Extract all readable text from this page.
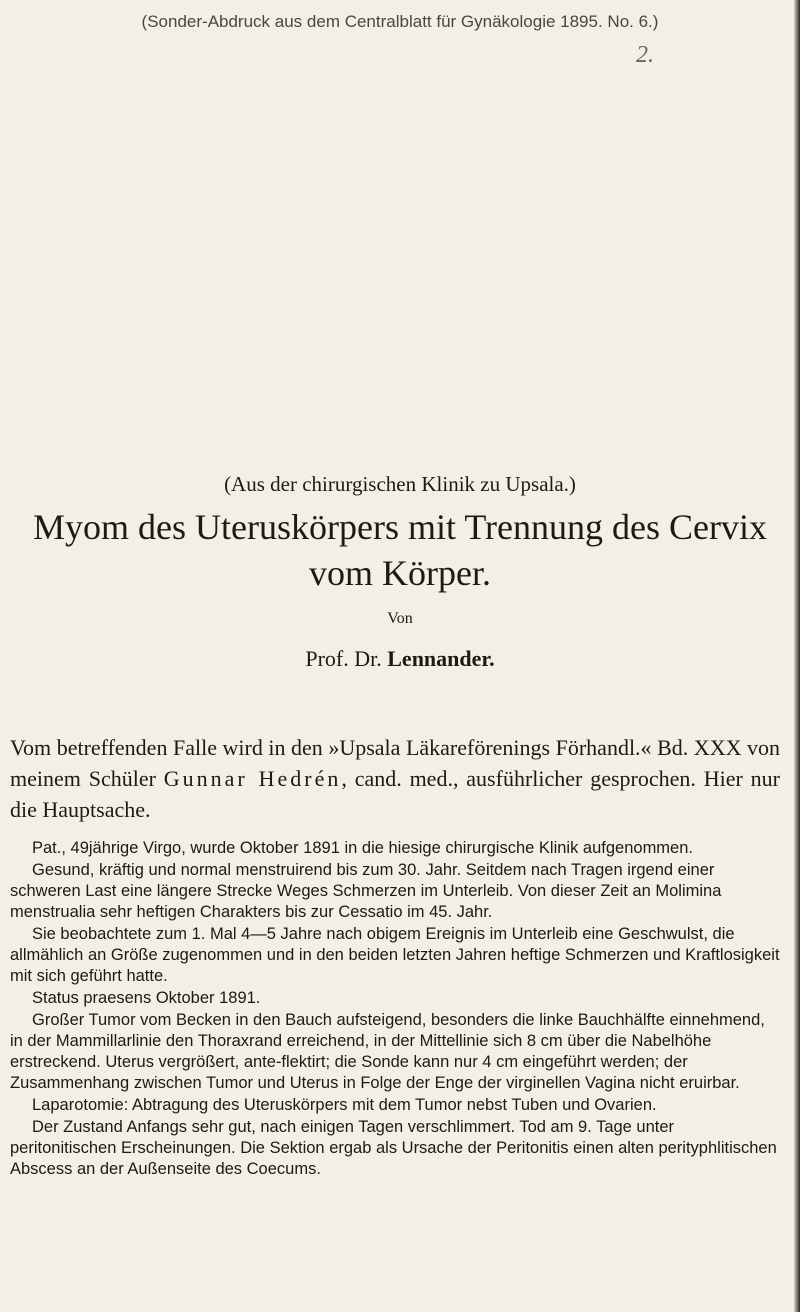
(Sonder-Abdruck aus dem Centralblatt für Gynäkologie 1895. No. 6.)
2.
(Aus der chirurgischen Klinik zu Upsala.)
Myom des Uteruskörpers mit Trennung des Cervix vom Körper.
Von
Prof. Dr. Lennander.
Vom betreffenden Falle wird in den »Upsala Läkareförenings Förhandl.« Bd. XXX von meinem Schüler Gunnar Hedrén, cand. med., ausführlicher gesprochen. Hier nur die Hauptsache.

Pat., 49jährige Virgo, wurde Oktober 1891 in die hiesige chirurgische Klinik aufgenommen.

Gesund, kräftig und normal menstruirend bis zum 30. Jahr. Seitdem nach Tragen irgend einer schweren Last eine längere Strecke Weges Schmerzen im Unterleib. Von dieser Zeit an Molimina menstrualia sehr heftigen Charakters bis zur Cessatio im 45. Jahr.

Sie beobachtete zum 1. Mal 4—5 Jahre nach obigem Ereignis im Unterleib eine Geschwulst, die allmählich an Größe zugenommen und in den beiden letzten Jahren heftige Schmerzen und Kraftlosigkeit mit sich geführt hatte.

Status praesens Oktober 1891.

Großer Tumor vom Becken in den Bauch aufsteigend, besonders die linke Bauchhälfte einnehmend, in der Mammillarlinie den Thoraxrand erreichend, in der Mittellinie sich 8 cm über die Nabelhöhe erstreckend. Uterus vergrößert, ante-flektirt; die Sonde kann nur 4 cm eingeführt werden; der Zusammenhang zwischen Tumor und Uterus in Folge der Enge der virginellen Vagina nicht eruirbar.

Laparotomie: Abtragung des Uteruskörpers mit dem Tumor nebst Tuben und Ovarien.

Der Zustand Anfangs sehr gut, nach einigen Tagen verschlimmert. Tod am 9. Tage unter peritonitischen Erscheinungen. Die Sektion ergab als Ursache der Peritonitis einen alten perityphlitischen Abscess an der Außenseite des Coecums.
